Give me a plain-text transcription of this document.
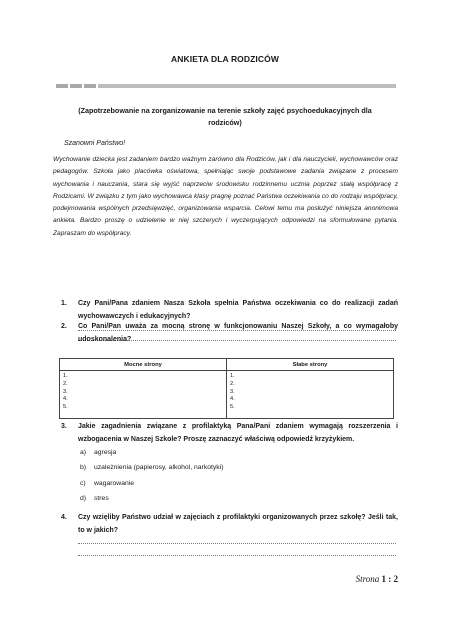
ANKIETA DLA RODZICÓW
(Zapotrzebowanie na zorganizowanie na terenie szkoły zajęć psychoedukacyjnych dla rodziców)
Szanowni Państwo!
Wychowanie dziecka jest zadaniem bardzo ważnym zarówno dla Rodziców, jak i dla nauczycieli, wychowawców oraz pedagogów. Szkoła jako placówka oświatowa, spełniając swoje podstawowe zadania związane z procesem wychowania i nauczania, stara się wyjść naprzeciw środowisku rodzinnemu ucznia poprzez stałą współpracę z Rodzicami. W związku z tym jako wychowawca klasy pragnę poznać Państwa oczekiwania co do rodzaju współpracy, podejmowania wspólnych przedsięwzięć, organizowania wsparcia. Celowi temu ma posłużyć niniejsza anonimowa ankieta. Bardzo proszę o udzielenie w niej szczerych i wyczerpujących odpowiedzi na sformułowane pytania. Zapraszam do współpracy.
1. Czy Pani/Pana zdaniem Nasza Szkoła spełnia Państwa oczekiwania co do realizacji zadań wychowawczych i edukacyjnych?
2. Co Pani/Pan uważa za mocną stronę w funkcjonowaniu Naszej Szkoły, a co wymagałoby udoskonalenia?
Mocne strony	Słabe strony

1.
2.
3.
4.
5.	1.
2.
3.
4.
5.
3. Jakie zagadnienia związane z profilaktyką Pana/Pani zdaniem wymagają rozszerzenia i wzbogacenia w Naszej Szkole? Proszę zaznaczyć właściwą odpowiedź krzyżykiem.
a) agresja
b) uzależnienia (papierosy, alkohol, narkotyki)
c) wagarowanie
d) stres
4. Czy wzięliby Państwo udział w zajęciach z profilaktyki organizowanych przez szkołę? Jeśli tak, to w jakich?
Strona 1 : 2
